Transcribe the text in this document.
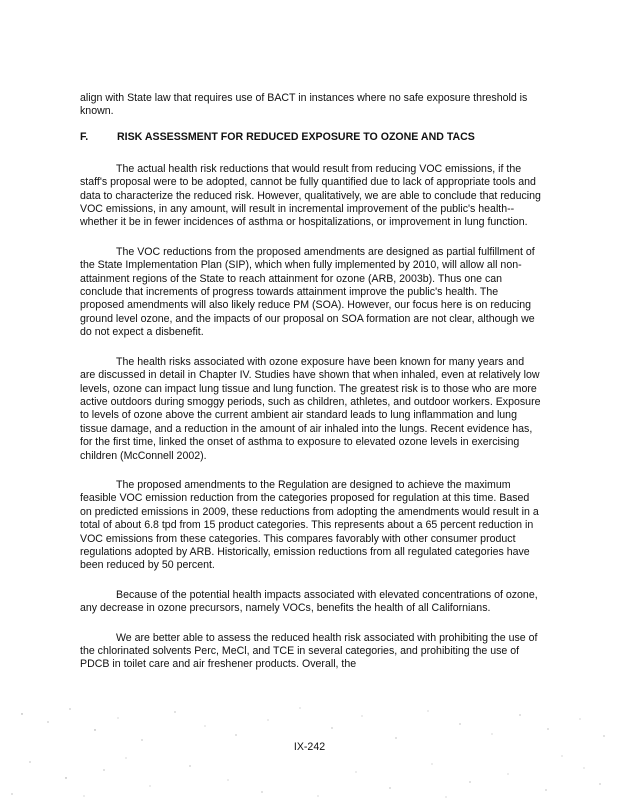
align with State law that requires use of BACT in instances where no safe exposure threshold is known.

F.	RISK ASSESSMENT FOR REDUCED EXPOSURE TO OZONE AND TACS

The actual health risk reductions that would result from reducing VOC emissions, if the staff's proposal were to be adopted, cannot be fully quantified due to lack of appropriate tools and data to characterize the reduced risk. However, qualitatively, we are able to conclude that reducing VOC emissions, in any amount, will result in incremental improvement of the public's health--whether it be in fewer incidences of asthma or hospitalizations, or improvement in lung function.

The VOC reductions from the proposed amendments are designed as partial fulfillment of the State Implementation Plan (SIP), which when fully implemented by 2010, will allow all non-attainment regions of the State to reach attainment for ozone (ARB, 2003b). Thus one can conclude that increments of progress towards attainment improve the public's health. The proposed amendments will also likely reduce PM (SOA). However, our focus here is on reducing ground level ozone, and the impacts of our proposal on SOA formation are not clear, although we do not expect a disbenefit.

The health risks associated with ozone exposure have been known for many years and are discussed in detail in Chapter IV. Studies have shown that when inhaled, even at relatively low levels, ozone can impact lung tissue and lung function. The greatest risk is to those who are more active outdoors during smoggy periods, such as children, athletes, and outdoor workers. Exposure to levels of ozone above the current ambient air standard leads to lung inflammation and lung tissue damage, and a reduction in the amount of air inhaled into the lungs. Recent evidence has, for the first time, linked the onset of asthma to exposure to elevated ozone levels in exercising children (McConnell 2002).

The proposed amendments to the Regulation are designed to achieve the maximum feasible VOC emission reduction from the categories proposed for regulation at this time. Based on predicted emissions in 2009, these reductions from adopting the amendments would result in a total of about 6.8 tpd from 15 product categories. This represents about a 65 percent reduction in VOC emissions from these categories. This compares favorably with other consumer product regulations adopted by ARB. Historically, emission reductions from all regulated categories have been reduced by 50 percent.

Because of the potential health impacts associated with elevated concentrations of ozone, any decrease in ozone precursors, namely VOCs, benefits the health of all Californians.

We are better able to assess the reduced health risk associated with prohibiting the use of the chlorinated solvents Perc, MeCl, and TCE in several categories, and prohibiting the use of PDCB in toilet care and air freshener products. Overall, the

IX-242
